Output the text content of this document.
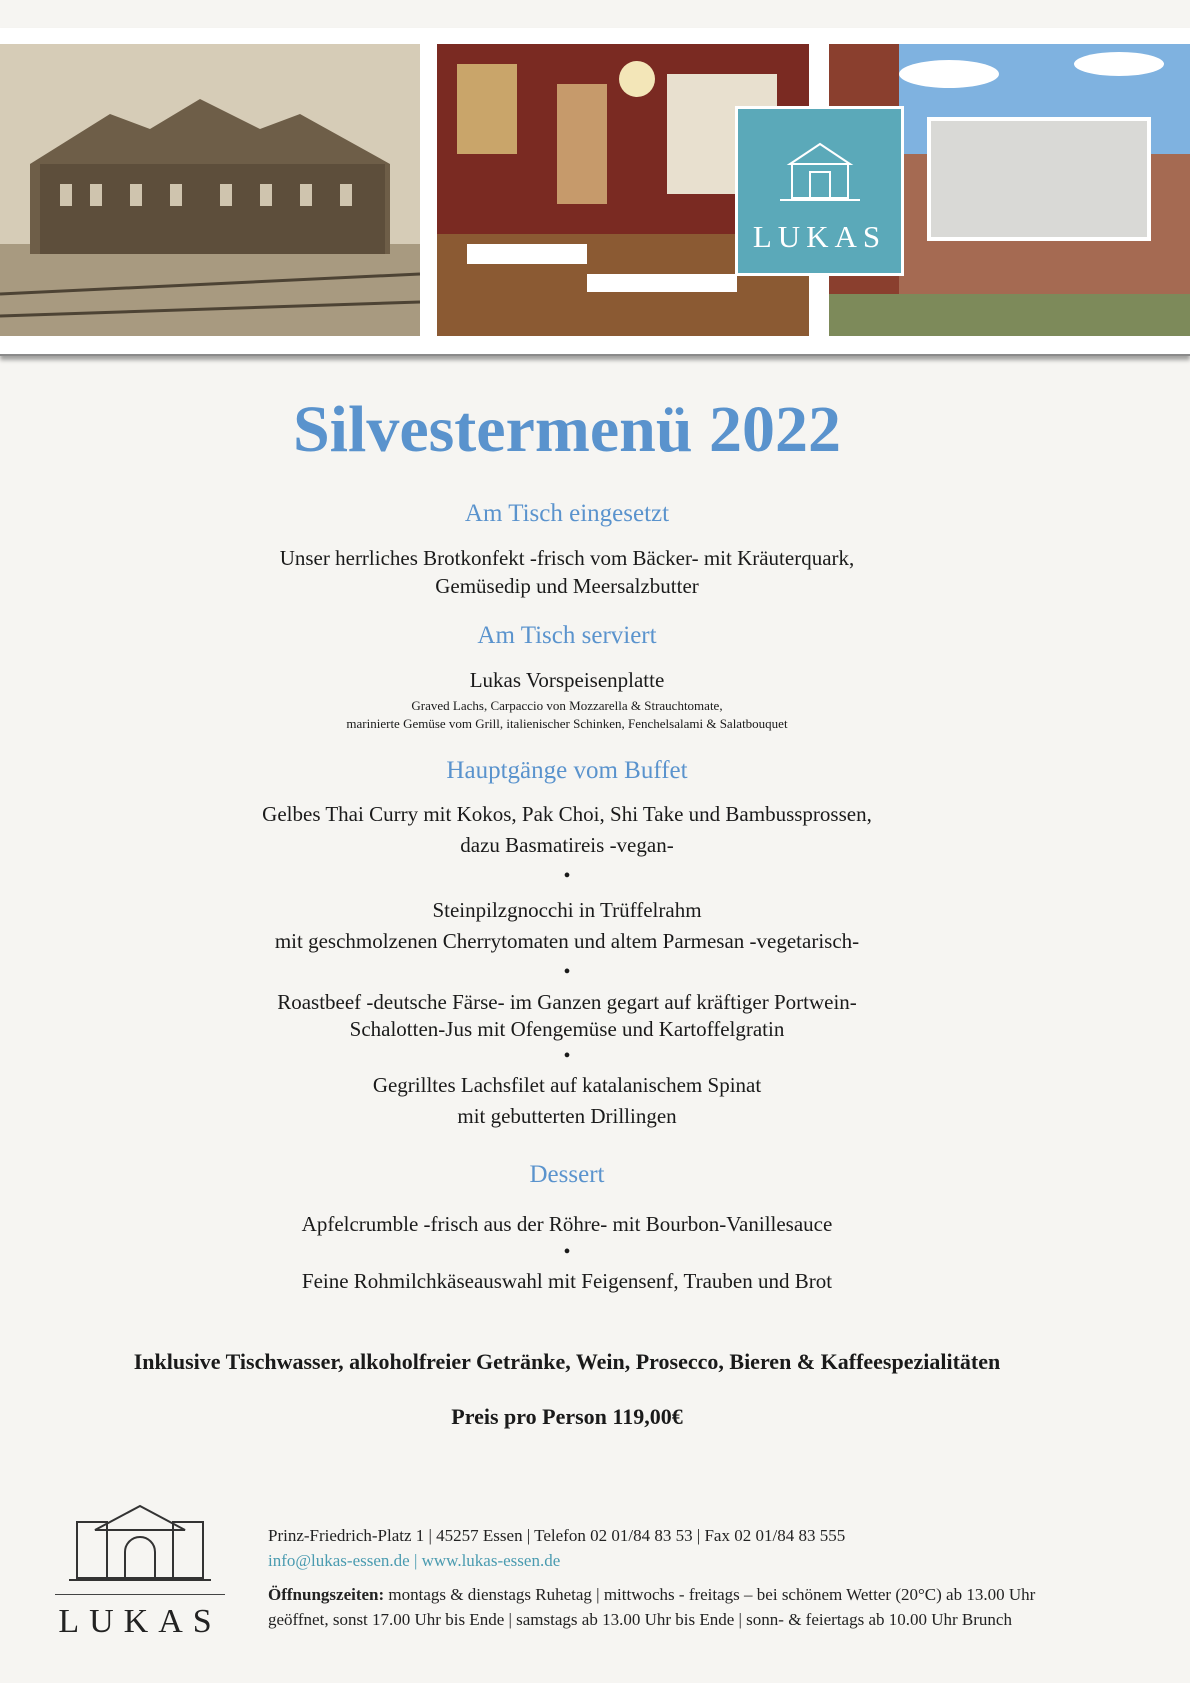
LUKAS
Silvestermenü 2022
Am Tisch eingesetzt
Unser herrliches Brotkonfekt -frisch vom Bäcker- mit Kräuterquark,
Gemüsedip und Meersalzbutter
Am Tisch serviert
Lukas Vorspeisenplatte
Graved Lachs, Carpaccio von Mozzarella & Strauchtomate,
marinierte Gemüse vom Grill, italienischer Schinken, Fenchelsalami & Salatbouquet
Hauptgänge vom Buffet
Gelbes Thai Curry mit Kokos, Pak Choi, Shi Take und Bambussprossen,
dazu Basmatireis -vegan-
•
Steinpilzgnocchi in Trüffelrahm
mit geschmolzenen Cherrytomaten und altem Parmesan -vegetarisch-
•
Roastbeef -deutsche Färse- im Ganzen gegart auf kräftiger Portwein-
Schalotten-Jus mit Ofengemüse und Kartoffelgratin
•
Gegrilltes Lachsfilet auf katalanischem Spinat
mit gebutterten Drillingen
Dessert
Apfelcrumble -frisch aus der Röhre- mit Bourbon-Vanillesauce
•
Feine Rohmilchkäseauswahl mit Feigensenf, Trauben und Brot
Inklusive Tischwasser, alkoholfreier Getränke, Wein, Prosecco, Bieren & Kaffeespezialitäten
Preis pro Person 119,00€
LUKAS
Prinz-Friedrich-Platz 1 | 45257 Essen | Telefon 02 01/84 83 53 | Fax 02 01/84 83 555
info@lukas-essen.de | www.lukas-essen.de
Öffnungszeiten: montags & dienstags Ruhetag | mittwochs - freitags – bei schönem Wetter (20°C) ab 13.00 Uhr
geöffnet, sonst 17.00 Uhr bis Ende | samstags ab 13.00 Uhr bis Ende | sonn- & feiertags ab 10.00 Uhr Brunch
